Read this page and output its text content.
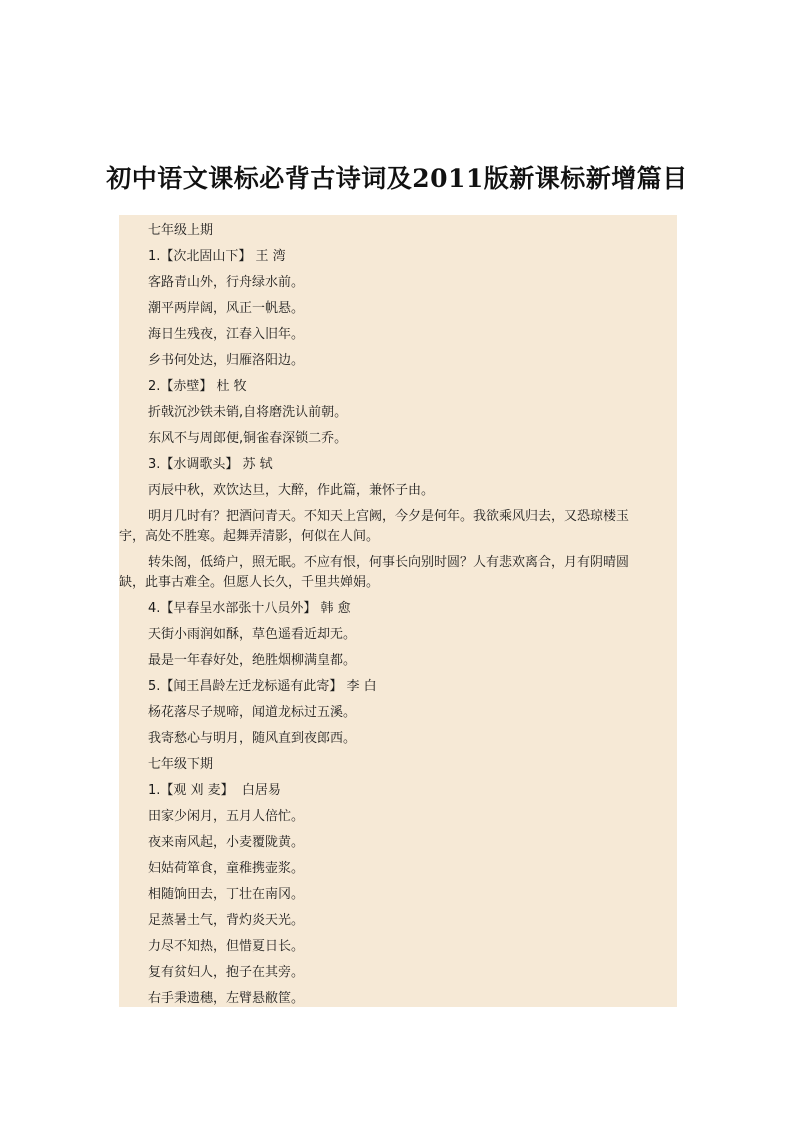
初中语文课标必背古诗词及2011版新课标新增篇目
七年级上期
1.【次北固山下】 王 湾
客路青山外，行舟绿水前。
潮平两岸阔，风正一帆悬。
海日生残夜，江春入旧年。
乡书何处达，归雁洛阳边。
2.【赤壁】 杜 牧
折戟沉沙铁未销,自将磨洗认前朝。
东风不与周郎便,铜雀春深锁二乔。
3.【水调歌头】 苏 轼
丙辰中秋，欢饮达旦，大醉，作此篇，兼怀子由。
明月几时有？把酒问青天。不知天上宫阙，今夕是何年。我欲乘风归去，又恐琼楼玉
宇，高处不胜寒。起舞弄清影，何似在人间。
转朱阁，低绮户，照无眠。不应有恨，何事长向别时圆？人有悲欢离合，月有阴晴圆
缺，此事古难全。但愿人长久，千里共婵娟。
4.【早春呈水部张十八员外】 韩 愈
天街小雨润如酥，草色遥看近却无。
最是一年春好处，绝胜烟柳满皇都。
5.【闻王昌龄左迁龙标遥有此寄】 李 白
杨花落尽子规啼，闻道龙标过五溪。
我寄愁心与明月，随风直到夜郎西。
七年级下期
1.【观 刈 麦】  白居易
田家少闲月，五月人倍忙。
夜来南风起，小麦覆陇黄。
妇姑荷箪食，童稚携壶浆。
相随饷田去，丁壮在南冈。
足蒸暑土气，背灼炎天光。
力尽不知热，但惜夏日长。
复有贫妇人，抱子在其旁。
右手秉遗穗，左臂悬敝筐。
